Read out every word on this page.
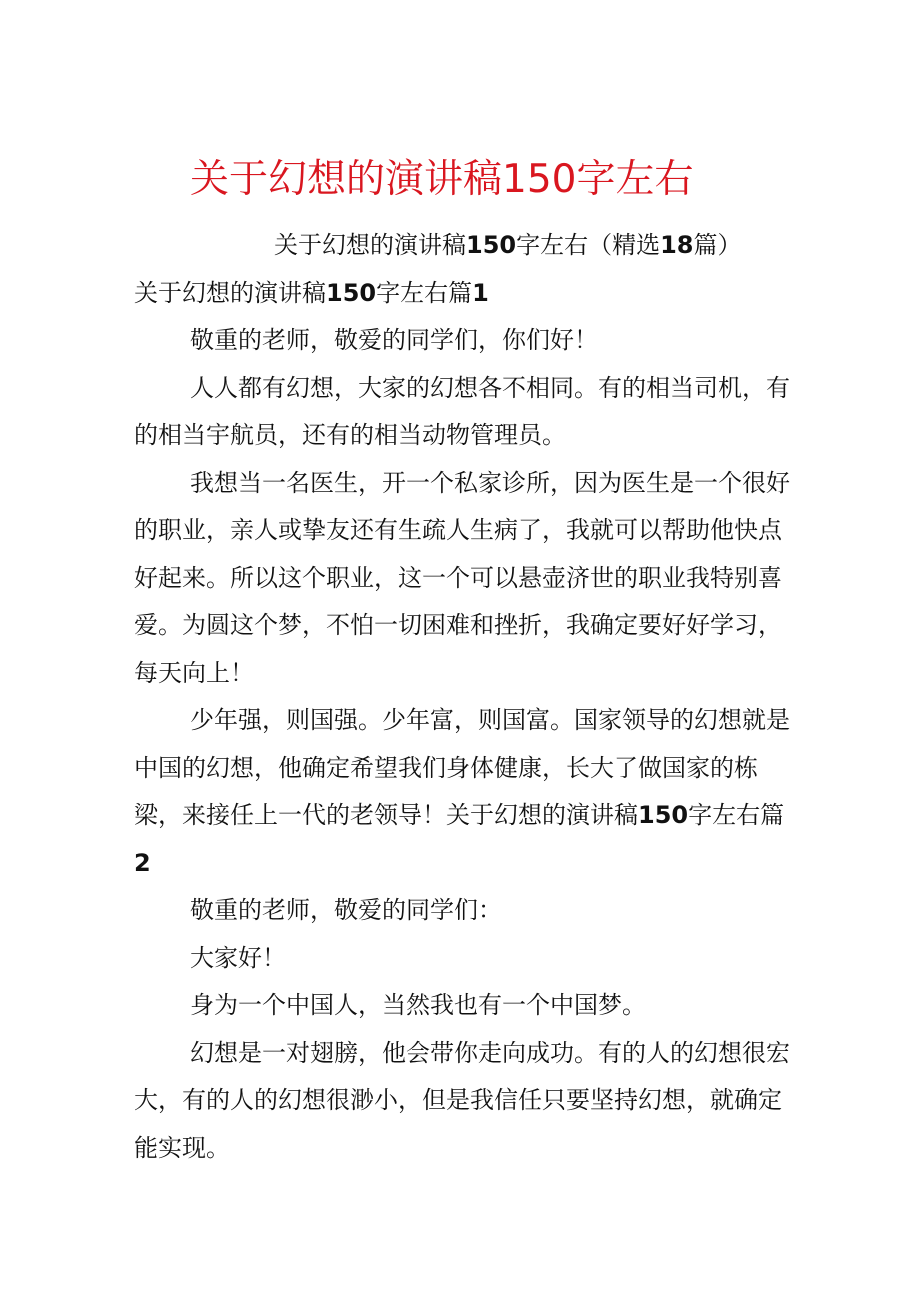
关于幻想的演讲稿150字左右

关于幻想的演讲稿150字左右（精选18篇）

关于幻想的演讲稿150字左右篇1

敬重的老师，敬爱的同学们，你们好！

人人都有幻想，大家的幻想各不相同。有的相当司机，有的相当宇航员，还有的相当动物管理员。

我想当一名医生，开一个私家诊所，因为医生是一个很好的职业，亲人或挚友还有生疏人生病了，我就可以帮助他快点好起来。所以这个职业，这一个可以悬壶济世的职业我特别喜爱。为圆这个梦，不怕一切困难和挫折，我确定要好好学习，每天向上！

少年强，则国强。少年富，则国富。国家领导的幻想就是中国的幻想，他确定希望我们身体健康，长大了做国家的栋梁，来接任上一代的老领导！关于幻想的演讲稿150字左右篇2

敬重的老师，敬爱的同学们：

大家好！

身为一个中国人，当然我也有一个中国梦。

幻想是一对翅膀，他会带你走向成功。有的人的幻想很宏大，有的人的幻想很渺小，但是我信任只要坚持幻想，就确定能实现。
